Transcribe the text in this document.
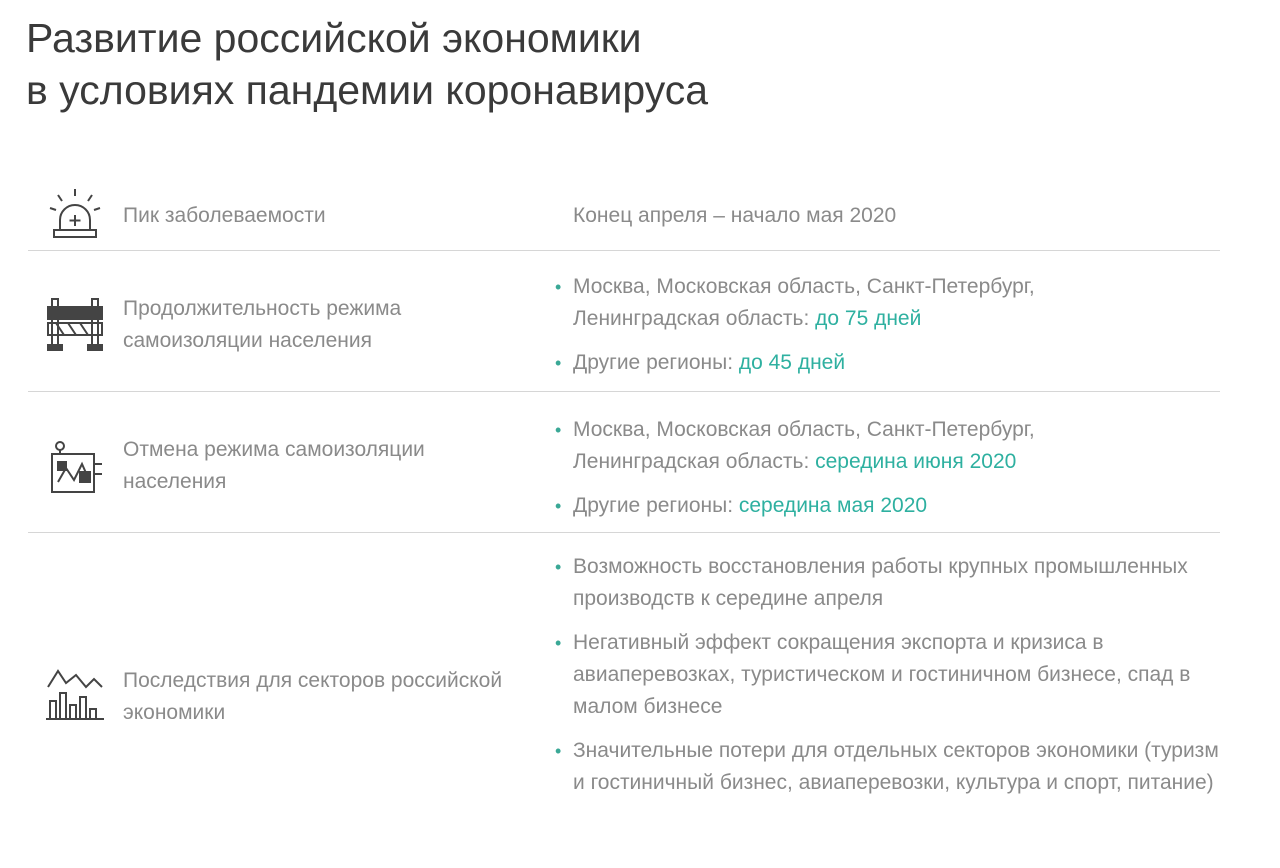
Развитие российской экономики
в условиях пандемии коронавируса
Пик заболеваемости	Конец апреля – начало мая 2020
Продолжительность режима самоизоляции населения
• Москва, Московская область, Санкт-Петербург,
Ленинградская область: до 75 дней
• Другие регионы: до 45 дней
Отмена режима самоизоляции населения
• Москва, Московская область, Санкт-Петербург,
Ленинградская область: середина июня 2020
• Другие регионы: середина мая 2020
Последствия для секторов российской экономики
• Возможность восстановления работы крупных промышленных производств к середине апреля
• Негативный эффект сокращения экспорта и кризиса в авиаперевозках, туристическом и гостиничном бизнесе, спад в малом бизнесе
• Значительные потери для отдельных секторов экономики (туризм и гостиничный бизнес, авиаперевозки, культура и спорт, питание)
